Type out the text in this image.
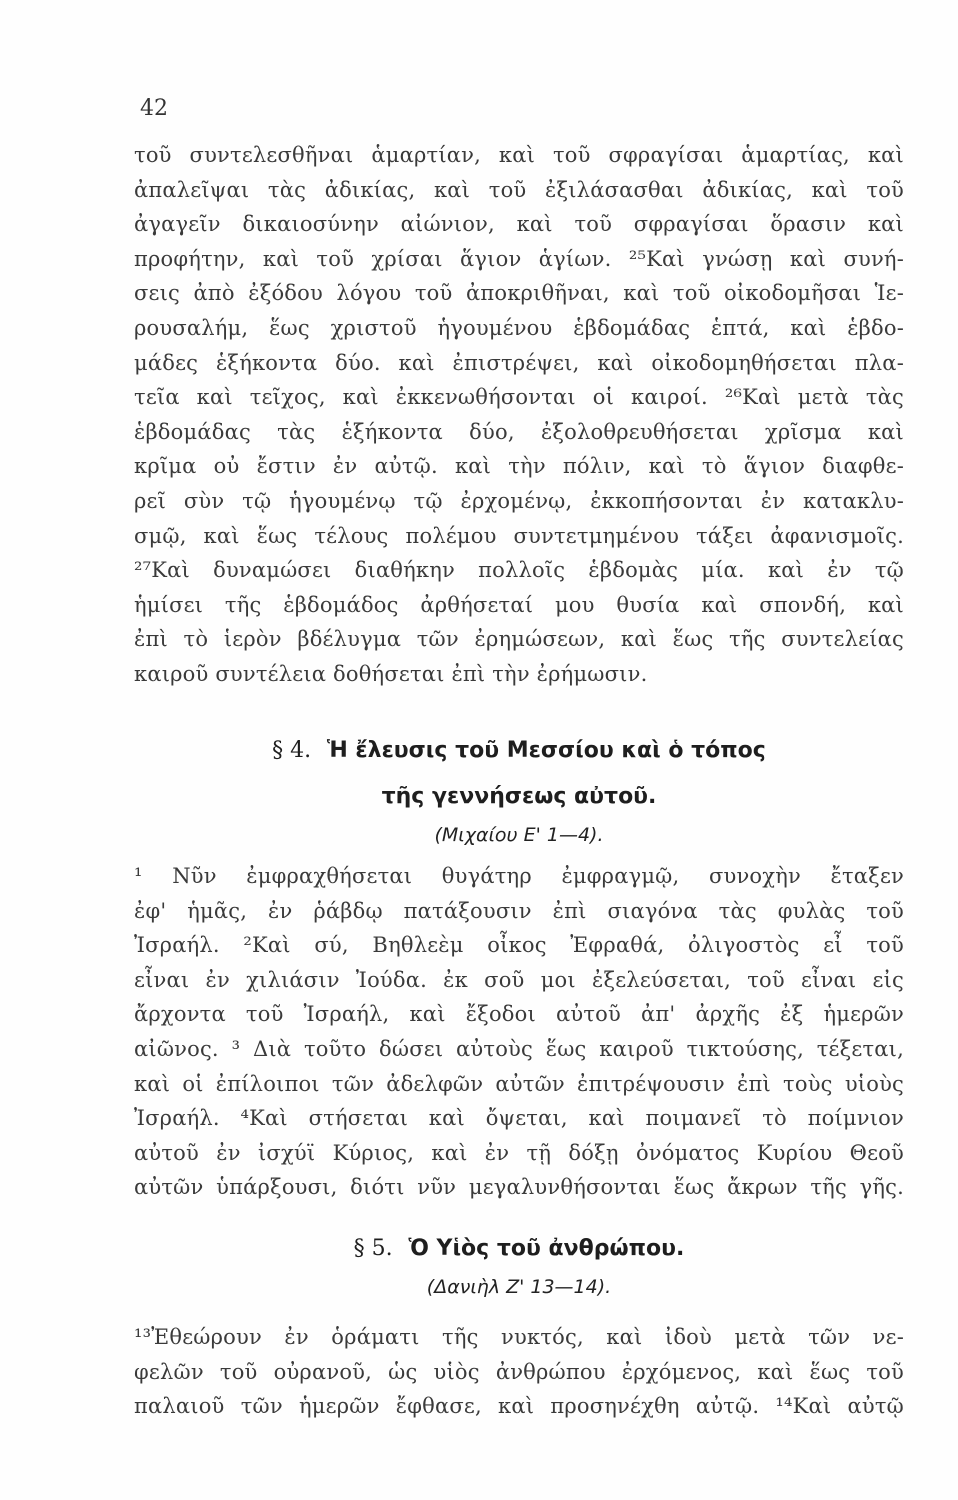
42
τοῦ συντελεσθῆναι ἁμαρτίαν, καὶ τοῦ σφραγίσαι ἁμαρτίας, καὶ
ἀπαλεῖψαι τὰς ἀδικίας, καὶ τοῦ ἐξιλάσασθαι ἀδικίας, καὶ τοῦ
ἀγαγεῖν δικαιοσύνην αἰώνιον, καὶ τοῦ σφραγίσαι ὅρασιν καὶ
προφήτην, καὶ τοῦ χρίσαι ἅγιον ἁγίων. ²⁵Καὶ γνώσῃ καὶ συνή-
σεις ἀπὸ ἐξόδου λόγου τοῦ ἀποκριθῆναι, καὶ τοῦ οἰκοδομῆσαι Ἱε-
ρουσαλήμ, ἕως χριστοῦ ἡγουμένου ἑβδομάδας ἑπτά, καὶ ἑβδο-
μάδες ἑξήκοντα δύο. καὶ ἐπιστρέψει, καὶ οἰκοδομηθήσεται πλα-
τεῖα καὶ τεῖχος, καὶ ἐκκενωθήσονται οἱ καιροί. ²⁶Καὶ μετὰ τὰς
ἑβδομάδας τὰς ἑξήκοντα δύο, ἐξολοθρευθήσεται χρῖσμα καὶ
κρῖμα οὐ ἔστιν ἐν αὐτῷ. καὶ τὴν πόλιν, καὶ τὸ ἅγιον διαφθε-
ρεῖ σὺν τῷ ἡγουμένῳ τῷ ἐρχομένῳ, ἐκκοπήσονται ἐν κατακλυ-
σμῷ, καὶ ἕως τέλους πολέμου συντετμημένου τάξει ἀφανισμοῖς.
²⁷Καὶ δυναμώσει διαθήκην πολλοῖς ἑβδομὰς μία. καὶ ἐν τῷ
ἡμίσει τῆς ἑβδομάδος ἀρθήσεταί μου θυσία καὶ σπονδή, καὶ
ἐπὶ τὸ ἱερὸν βδέλυγμα τῶν ἐρημώσεων, καὶ ἕως τῆς συντελείας
καιροῦ συντέλεια δοθήσεται ἐπὶ τὴν ἐρήμωσιν.
§ 4. Ἡ ἔλευσις τοῦ Μεσσίου καὶ ὁ τόπος
τῆς γεννήσεως αὐτοῦ.
(Μιχαίου Ε' 1—4).
¹ Νῦν ἐμφραχθήσεται θυγάτηρ ἐμφραγμῷ, συνοχὴν ἔταξεν
ἐφ' ἡμᾶς, ἐν ῥάβδῳ πατάξουσιν ἐπὶ σιαγόνα τὰς φυλὰς τοῦ
Ἰσραήλ. ²Καὶ σύ, Βηθλεὲμ οἶκος Ἐφραθά, ὀλιγοστὸς εἶ τοῦ
εἶναι ἐν χιλιάσιν Ἰούδα. ἐκ σοῦ μοι ἐξελεύσεται, τοῦ εἶναι εἰς
ἄρχοντα τοῦ Ἰσραήλ, καὶ ἔξοδοι αὐτοῦ ἀπ' ἀρχῆς ἐξ ἡμερῶν
αἰῶνος. ³ Διὰ τοῦτο δώσει αὐτοὺς ἕως καιροῦ τικτούσης, τέξεται,
καὶ οἱ ἐπίλοιποι τῶν ἀδελφῶν αὐτῶν ἐπιτρέψουσιν ἐπὶ τοὺς υἱοὺς
Ἰσραήλ. ⁴Καὶ στήσεται καὶ ὄψεται, καὶ ποιμανεῖ τὸ ποίμνιον
αὐτοῦ ἐν ἰσχύϊ Κύριος, καὶ ἐν τῇ δόξῃ ὀνόματος Κυρίου Θεοῦ
αὐτῶν ὑπάρξουσι, διότι νῦν μεγαλυνθήσονται ἕως ἄκρων τῆς γῆς.
§ 5. Ὁ Υἱὸς τοῦ ἀνθρώπου.
(Δανιὴλ Ζ' 13—14).
¹³Ἐθεώρουν ἐν ὁράματι τῆς νυκτός, καὶ ἰδοὺ μετὰ τῶν νε-
φελῶν τοῦ οὐρανοῦ, ὡς υἱὸς ἀνθρώπου ἐρχόμενος, καὶ ἕως τοῦ
παλαιοῦ τῶν ἡμερῶν ἔφθασε, καὶ προσηνέχθη αὐτῷ. ¹⁴Καὶ αὐτῷ
